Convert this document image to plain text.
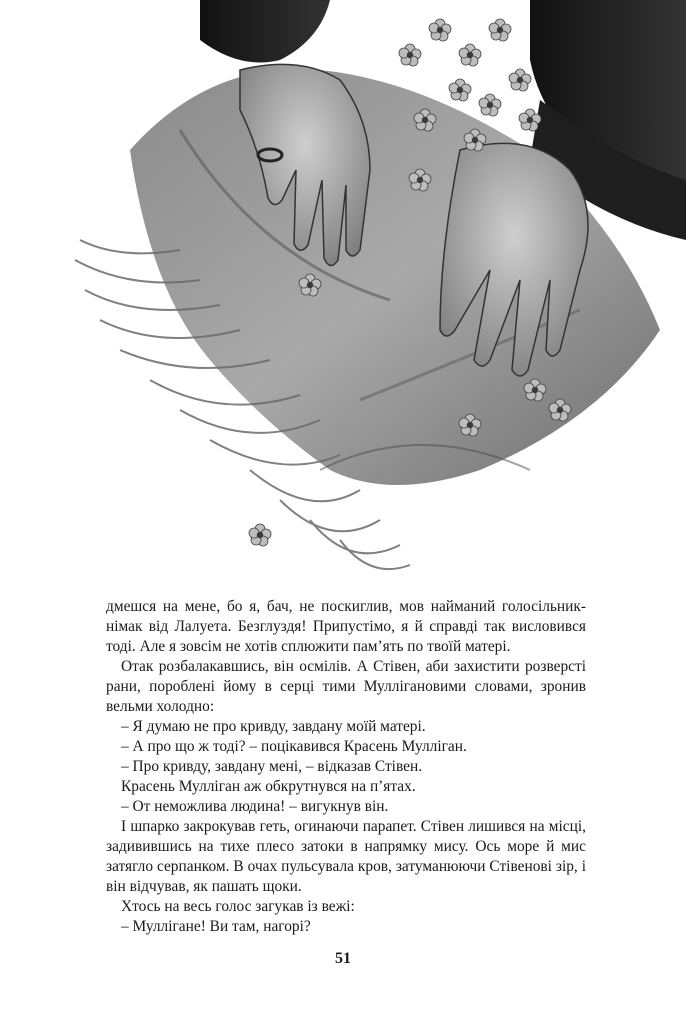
дмешся на мене, бо я, бач, не поскиглив, мов найманий голосільник-німак від Лалуета. Безглуздя! Припустімо, я й справді так висловився тоді. Але я зовсім не хотів сплюжити пам’ять по твоїй матері.

Отак розбалакавшись, він осмілів. А Стівен, аби захистити розверсті рани, пороблені йому в серці тими Муллігановими словами, зронив вельми холодно:

– Я думаю не про кривду, завдану моїй матері.

– А про що ж тоді? – поцікавився Красень Мулліган.

– Про кривду, завдану мені, – відказав Стівен.

Красень Мулліган аж обкрутнувся на п’ятах.

– От неможлива людина! – вигукнув він.

І шпарко закрокував геть, огинаючи парапет. Стівен лишився на місці, задивившись на тихе плесо затоки в напрямку мису. Ось море й мис затягло серпанком. В очах пульсувала кров, затуманюючи Стівенові зір, і він відчував, як пашать щоки.

Хтось на весь голос загукав із вежі:

– Муллігане! Ви там, нагорі?

51
